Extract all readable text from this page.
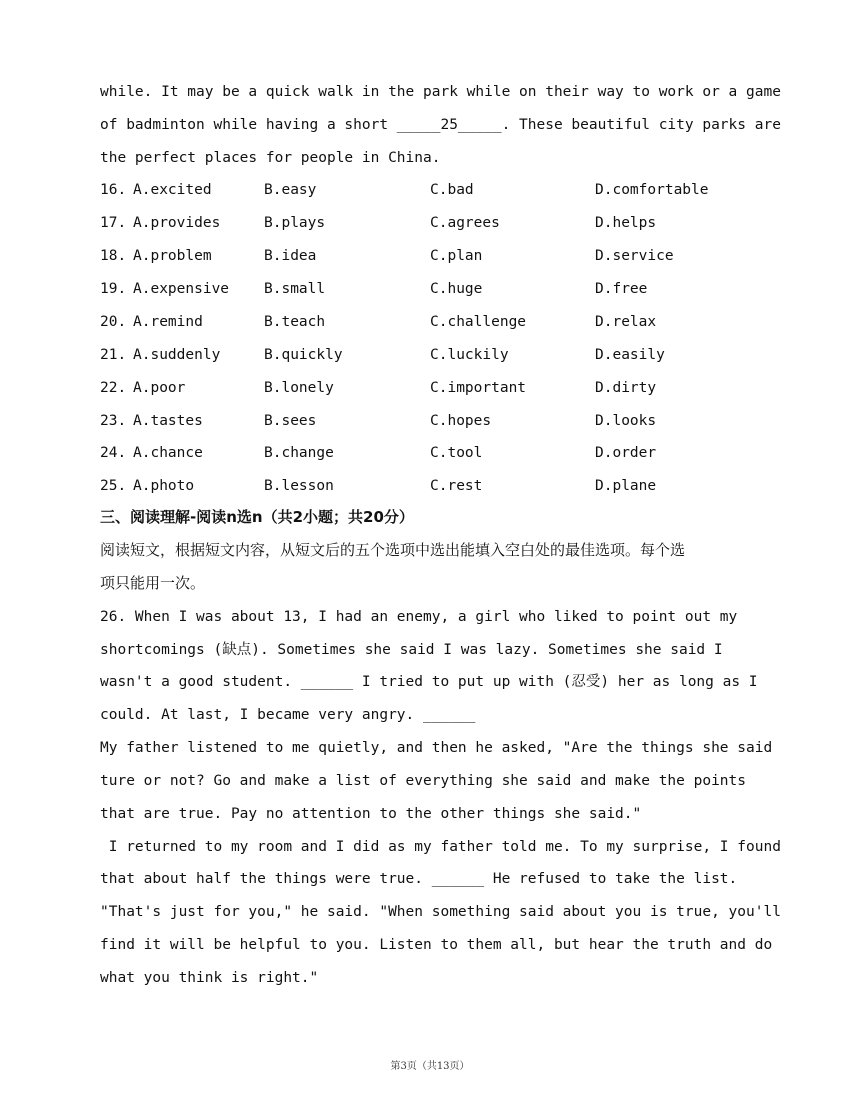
while. It may be a quick walk in the park while on their way to work or a game
of badminton while having a short _____25_____. These beautiful city parks are
the perfect places for people in China.
16. A.excited	B.easy	C.bad	D.comfortable
17. A.provides	B.plays	C.agrees	D.helps
18. A.problem	B.idea	C.plan	D.service
19. A.expensive B.small	C.huge	D.free
20. A.remind	B.teach	C.challenge	D.relax
21. A.suddenly	B.quickly	C.luckily	D.easily
22. A.poor	B.lonely	C.important	D.dirty
23. A.tastes	B.sees	C.hopes	D.looks
24. A.chance	B.change	C.tool	D.order
25. A.photo	B.lesson	C.rest	D.plane
三、阅读理解-阅读n选n（共2小题；共20分）
阅读短文，根据短文内容，从短文后的五个选项中选出能填入空白处的最佳选项。每个选
项只能用一次。
26. When I was about 13, I had an enemy, a girl who liked to point out my
shortcomings (缺点). Sometimes she said I was lazy. Sometimes she said I
wasn't a good student. ______ I tried to put up with (忍受) her as long as I
could. At last, I became very angry. ______
My father listened to me quietly, and then he asked, "Are the things she said
ture or not? Go and make a list of everything she said and make the points
that are true. Pay no attention to the other things she said."
I returned to my room and I did as my father told me. To my surprise, I found
that about half the things were true. ______ He refused to take the list.
"That's just for you," he said. "When something said about you is true, you'll
find it will be helpful to you. Listen to them all, but hear the truth and do
what you think is right."
第3页（共13页）
